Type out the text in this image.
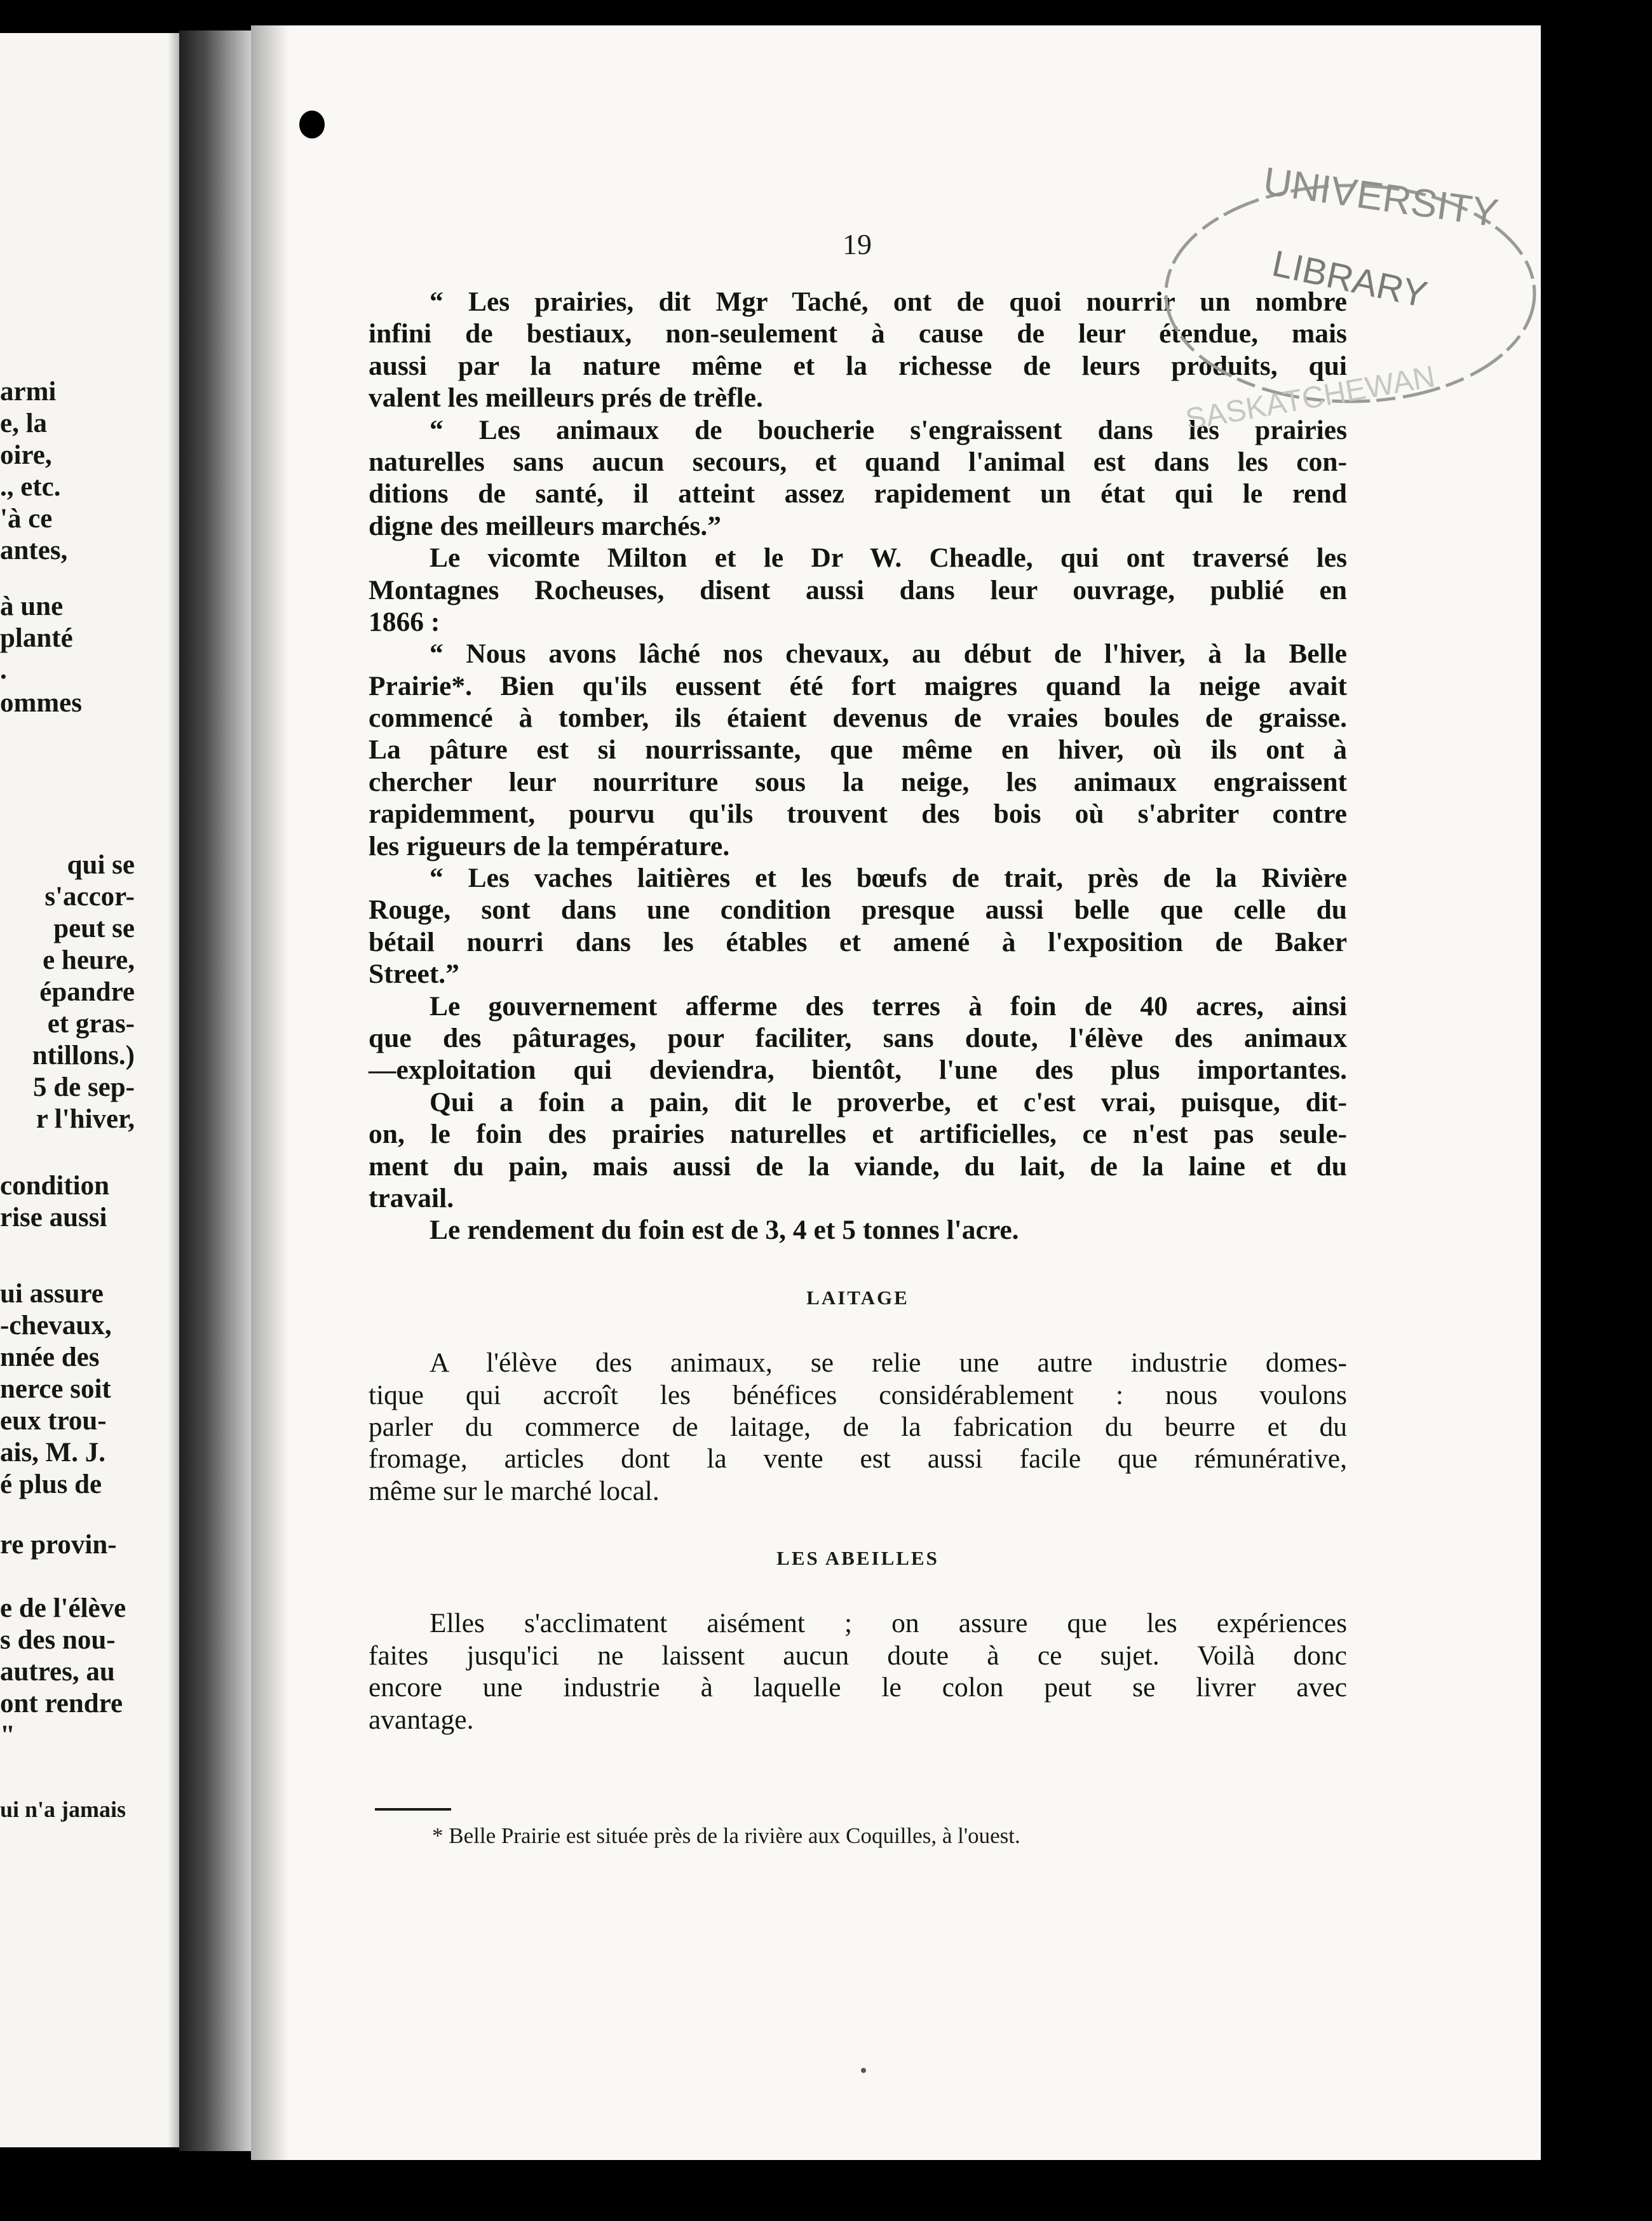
armi
e, la
oire,
., etc.
'à ce
antes,
à une
planté
.
ommes
qui se
s'accor-
peut se
e heure,
épandre
et gras-
ntillons.)
5 de sep-
r l'hiver,
condition
rise aussi
ui assure
-chevaux,
nnée des
nerce soit
eux trou-
ais, M. J.
é plus de
re provin-
e de l'élève
s des nou-
autres, au
ont rendre
"
ui n'a jamais
19
UNIVERSITY
LIBRARY
SASKATCHEWAN
“ Les prairies, dit Mgr Taché, ont de quoi nourrir un nombre
infini de bestiaux, non-seulement à cause de leur étendue, mais
aussi par la nature même et la richesse de leurs produits, qui
valent les meilleurs prés de trèfle.
“ Les animaux de boucherie s'engraissent dans les prairies
naturelles sans aucun secours, et quand l'animal est dans les con-
ditions de santé, il atteint assez rapidement un état qui le rend
digne des meilleurs marchés.”
Le vicomte Milton et le Dr W. Cheadle, qui ont traversé les
Montagnes Rocheuses, disent aussi dans leur ouvrage, publié en
1866 :
“ Nous avons lâché nos chevaux, au début de l'hiver, à la Belle
Prairie*. Bien qu'ils eussent été fort maigres quand la neige avait
commencé à tomber, ils étaient devenus de vraies boules de graisse.
La pâture est si nourrissante, que même en hiver, où ils ont à
chercher leur nourriture sous la neige, les animaux engraissent
rapidemment, pourvu qu'ils trouvent des bois où s'abriter contre
les rigueurs de la température.
“ Les vaches laitières et les bœufs de trait, près de la Rivière
Rouge, sont dans une condition presque aussi belle que celle du
bétail nourri dans les étables et amené à l'exposition de Baker
Street.”
Le gouvernement afferme des terres à foin de 40 acres, ainsi
que des pâturages, pour faciliter, sans doute, l'élève des animaux
—exploitation qui deviendra, bientôt, l'une des plus importantes.
Qui a foin a pain, dit le proverbe, et c'est vrai, puisque, dit-
on, le foin des prairies naturelles et artificielles, ce n'est pas seule-
ment du pain, mais aussi de la viande, du lait, de la laine et du
travail.
Le rendement du foin est de 3, 4 et 5 tonnes l'acre.
LAITAGE
A l'élève des animaux, se relie une autre industrie domes-
tique qui accroît les bénéfices considérablement : nous voulons
parler du commerce de laitage, de la fabrication du beurre et du
fromage, articles dont la vente est aussi facile que rémunérative,
même sur le marché local.
LES ABEILLES
Elles s'acclimatent aisément ; on assure que les expériences
faites jusqu'ici ne laissent aucun doute à ce sujet. Voilà donc
encore une industrie à laquelle le colon peut se livrer avec
avantage.
* Belle Prairie est située près de la rivière aux Coquilles, à l'ouest.
